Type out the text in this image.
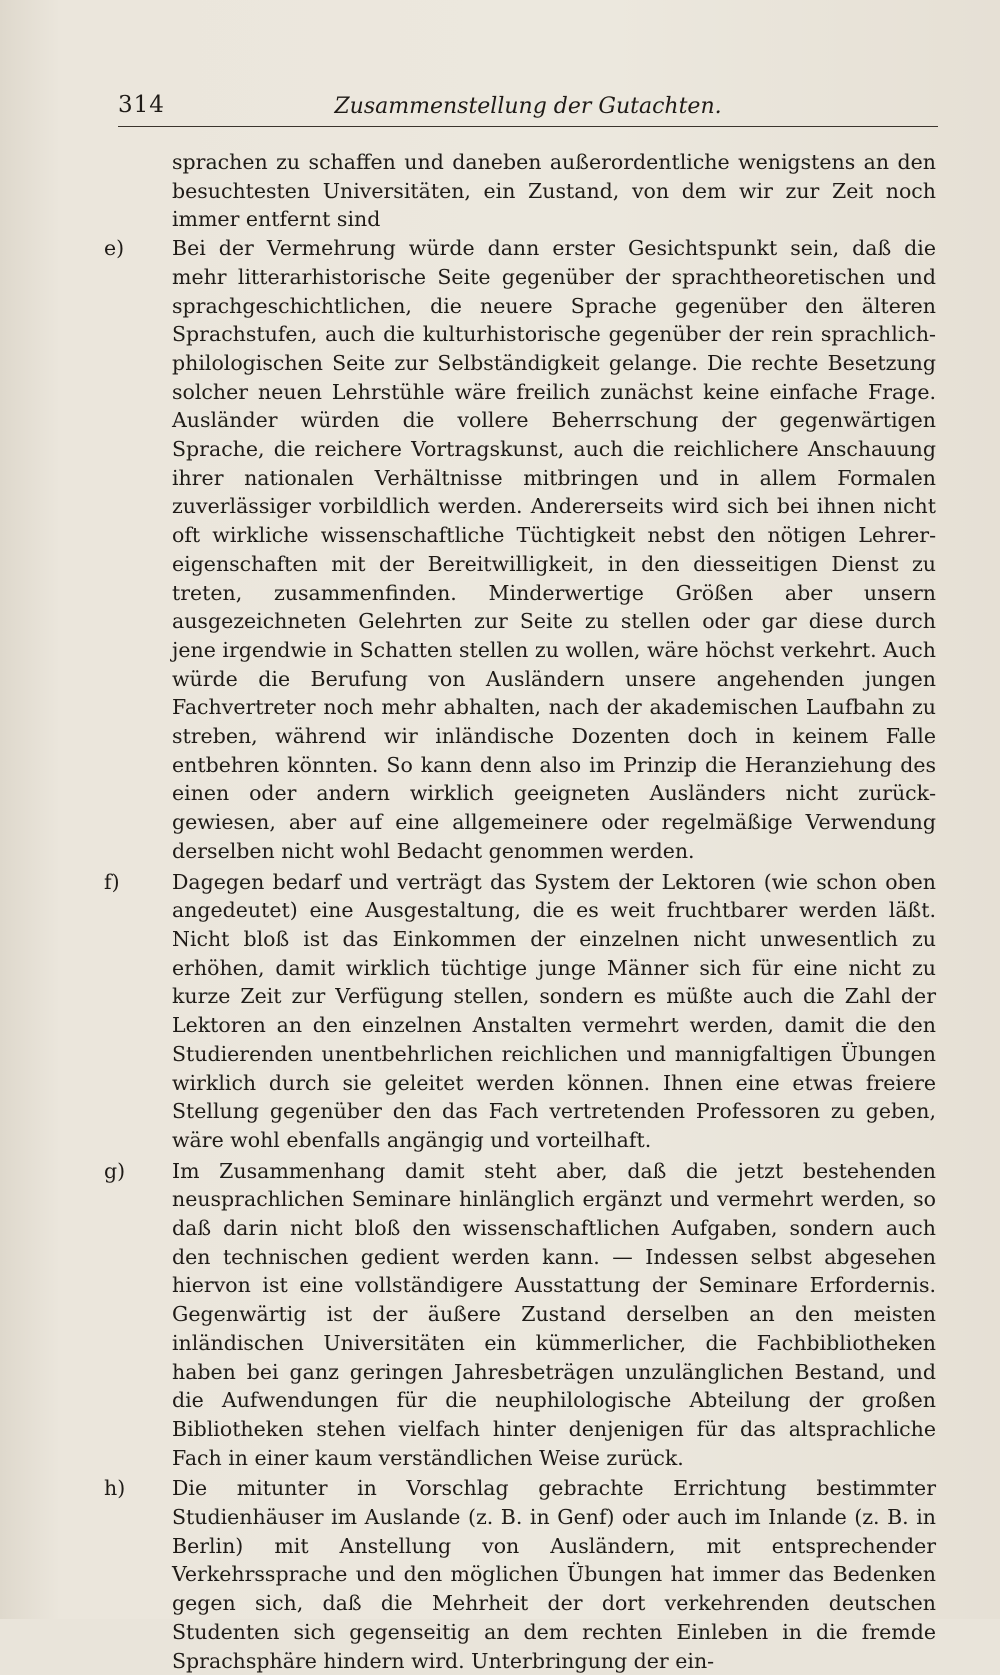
314	Zusammenstellung der Gutachten.

sprachen zu schaffen und daneben außerordentliche wenigstens an den besuchtesten Universitäten, ein Zustand, von dem wir zur Zeit noch immer entfernt sind

e)	Bei der Vermehrung würde dann erster Gesichtspunkt sein, daß die mehr litterarhistorische Seite gegenüber der sprachtheoretischen und sprachgeschichtlichen, die neuere Sprache gegenüber den älteren Sprachstufen, auch die kulturhistorische gegenüber der rein sprachlich-philologischen Seite zur Selbständigkeit gelange. Die rechte Besetzung solcher neuen Lehrstühle wäre freilich zunächst keine einfache Frage. Ausländer würden die vollere Beherrschung der gegenwärtigen Sprache, die reichere Vortragskunst, auch die reichlichere Anschauung ihrer nationalen Verhältnisse mitbringen und in allem Formalen zuverlässiger vorbildlich werden. Andererseits wird sich bei ihnen nicht oft wirkliche wissenschaftliche Tüchtigkeit nebst den nötigen Lehrereigenschaften mit der Bereitwilligkeit, in den diesseitigen Dienst zu treten, zusammenfinden. Minderwertige Größen aber unsern ausgezeichneten Gelehrten zur Seite zu stellen oder gar diese durch jene irgendwie in Schatten stellen zu wollen, wäre höchst verkehrt. Auch würde die Berufung von Ausländern unsere angehenden jungen Fachvertreter noch mehr abhalten, nach der akademischen Laufbahn zu streben, während wir inländische Dozenten doch in keinem Falle entbehren könnten. So kann denn also im Prinzip die Heranziehung des einen oder andern wirklich geeigneten Ausländers nicht zurückgewiesen, aber auf eine allgemeinere oder regelmäßige Verwendung derselben nicht wohl Bedacht genommen werden.

f)	Dagegen bedarf und verträgt das System der Lektoren (wie schon oben angedeutet) eine Ausgestaltung, die es weit fruchtbarer werden läßt. Nicht bloß ist das Einkommen der einzelnen nicht unwesentlich zu erhöhen, damit wirklich tüchtige junge Männer sich für eine nicht zu kurze Zeit zur Verfügung stellen, sondern es müßte auch die Zahl der Lektoren an den einzelnen Anstalten vermehrt werden, damit die den Studierenden unentbehrlichen reichlichen und mannigfaltigen Übungen wirklich durch sie geleitet werden können. Ihnen eine etwas freiere Stellung gegenüber den das Fach vertretenden Professoren zu geben, wäre wohl ebenfalls angängig und vorteilhaft.

g)	Im Zusammenhang damit steht aber, daß die jetzt bestehenden neusprachlichen Seminare hinlänglich ergänzt und vermehrt werden, so daß darin nicht bloß den wissenschaftlichen Aufgaben, sondern auch den technischen gedient werden kann. — Indessen selbst abgesehen hiervon ist eine vollständigere Ausstattung der Seminare Erfordernis. Gegenwärtig ist der äußere Zustand derselben an den meisten inländischen Universitäten ein kümmerlicher, die Fachbibliotheken haben bei ganz geringen Jahresbeträgen unzulänglichen Bestand, und die Aufwendungen für die neuphilologische Abteilung der großen Bibliotheken stehen vielfach hinter denjenigen für das altsprachliche Fach in einer kaum verständlichen Weise zurück.

h)	Die mitunter in Vorschlag gebrachte Errichtung bestimmter Studienhäuser im Auslande (z. B. in Genf) oder auch im Inlande (z. B. in Berlin) mit Anstellung von Ausländern, mit entsprechender Verkehrssprache und den möglichen Übungen hat immer das Bedenken gegen sich, daß die Mehrheit der dort verkehrenden deutschen Studenten sich gegenseitig an dem rechten Einleben in die fremde Sprachsphäre hindern wird. Unterbringung der ein-
